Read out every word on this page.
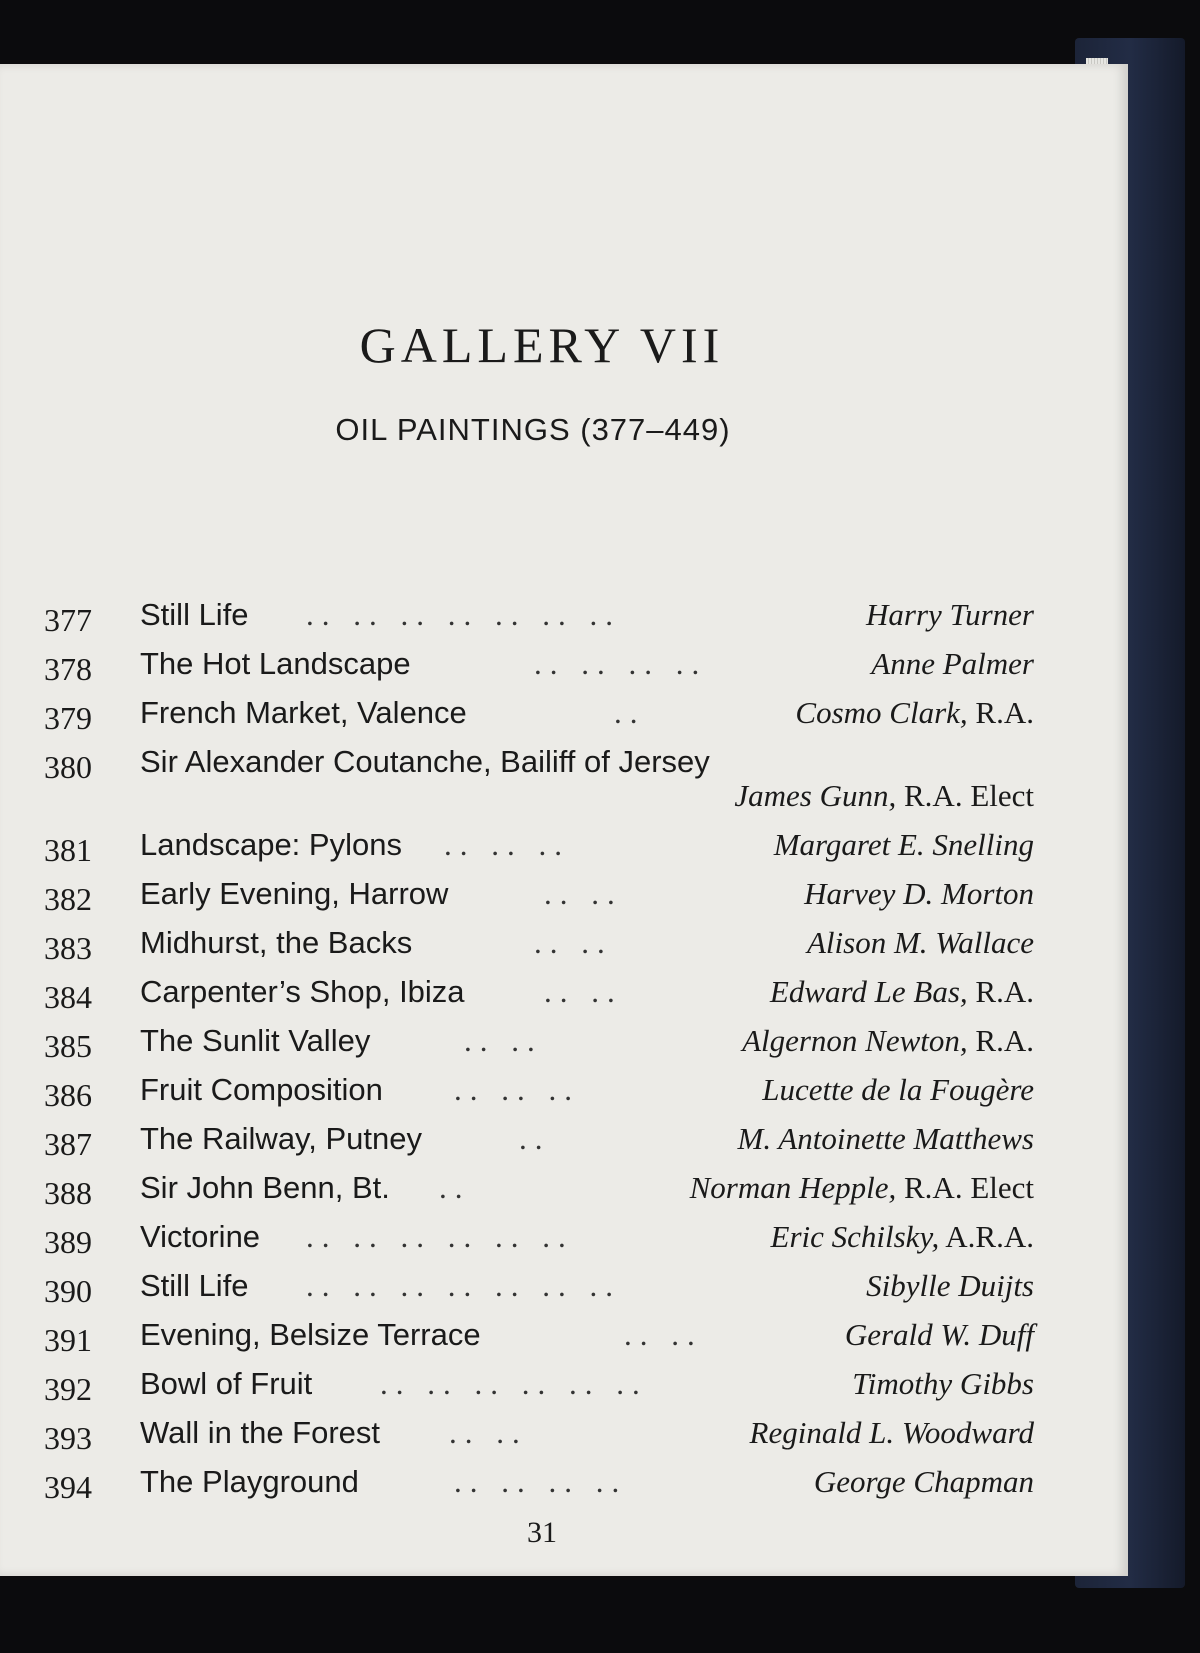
GALLERY VII
OIL PAINTINGS (377–449)
377 Still Life .. .. .. .. .. .. ..	Harry Turner
378 The Hot Landscape	.. .. .. ..	Anne Palmer
379 French Market, Valence	..	Cosmo Clark, R.A.
380 Sir Alexander Coutanche, Bailiff of Jersey
James Gunn, R.A. Elect
381 Landscape: Pylons .. .. ..	Margaret E. Snelling
382 Early Evening, Harrow	.. ..	Harvey D. Morton
383 Midhurst, the Backs	.. ..	Alison M. Wallace
384 Carpenter’s Shop, Ibiza	.. ..	Edward Le Bas, R.A.
385 The Sunlit Valley	.. ..	Algernon Newton, R.A.
386 Fruit Composition .. .. ..	Lucette de la Fougère
387 The Railway, Putney	..	M. Antoinette Matthews
388 Sir John Benn, Bt. ..	Norman Hepple, R.A. Elect
389 Victorine .. .. .. .. .. ..	Eric Schilsky, A.R.A.
390 Still Life .. .. .. .. .. .. ..	Sibylle Duijts
391 Evening, Belsize Terrace	.. ..	Gerald W. Duff
392 Bowl of Fruit .. .. .. .. .. ..	Timothy Gibbs
393 Wall in the Forest .. ..	Reginald L. Woodward
394 The Playground	.. .. .. ..	George Chapman
31
